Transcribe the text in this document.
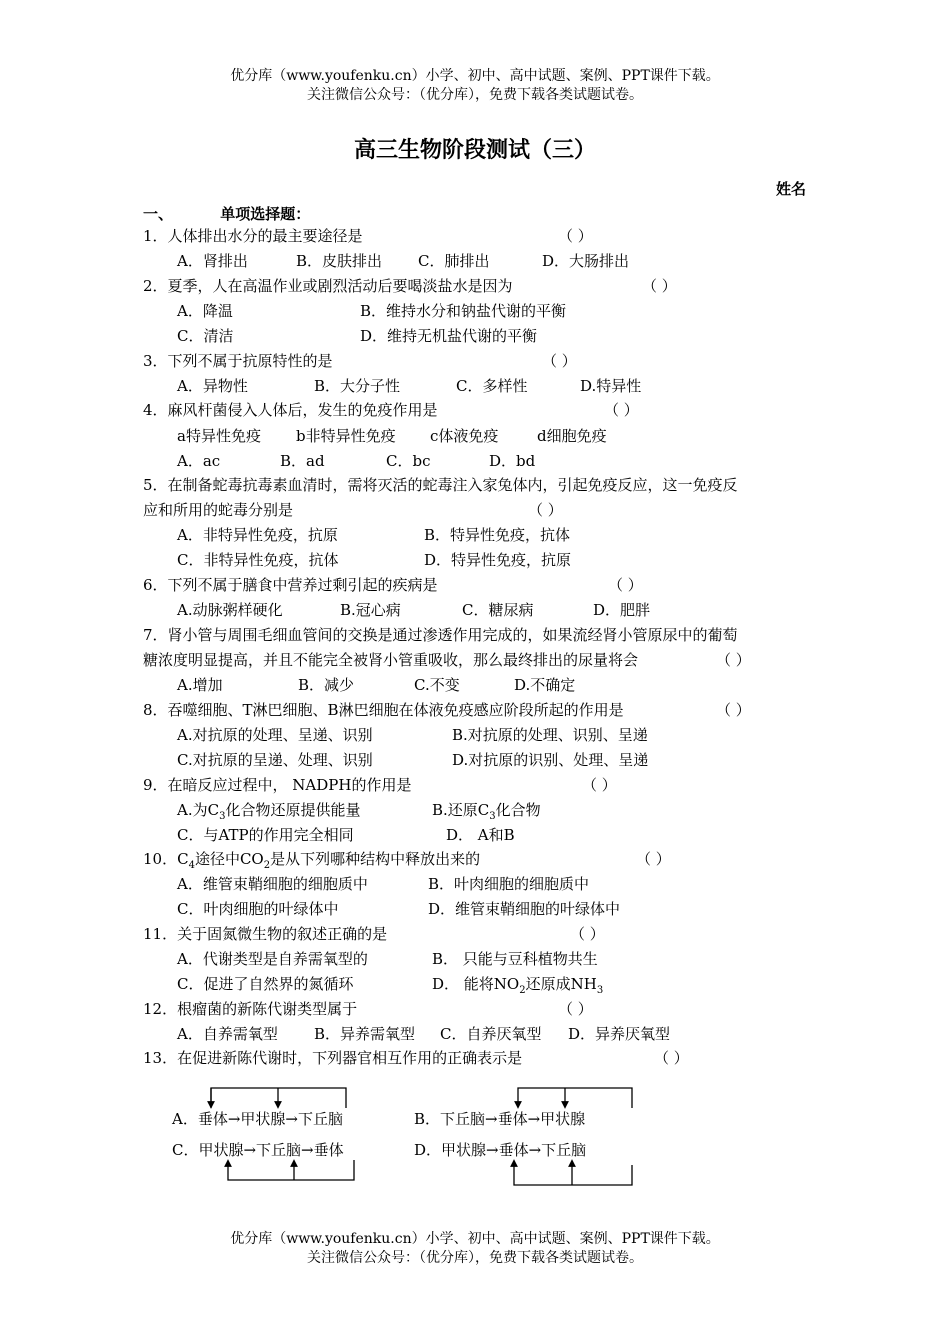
优分库（www.youfenku.cn）小学、初中、高中试题、案例、PPT课件下载。
关注微信公众号：（优分库），免费下载各类试题试卷。
高三生物阶段测试（三）
姓名
一、	单项选择题：
1．人体排出水分的最主要途径是	（ ）
A．肾排出	B．皮肤排出 C．肺排出	D．大肠排出
2．夏季，人在高温作业或剧烈活动后要喝淡盐水是因为	（ ）
A．降温	B．维持水分和钠盐代谢的平衡
C．清洁	D．维持无机盐代谢的平衡
3．下列不属于抗原特性的是	（ ）
A．异物性	B．大分子性	C．多样性	D.特异性
4．麻风杆菌侵入人体后，发生的免疫作用是	（ ）
a特异性免疫 b非特异性免疫 c体液免疫	d细胞免疫
A．ac	B．ad	C．bc	D．bd
5．在制备蛇毒抗毒素血清时，需将灭活的蛇毒注入家兔体内，引起免疫反应，这一免疫反
应和所用的蛇毒分别是	（ ）
A．非特异性免疫，抗原	B．特异性免疫，抗体
C．非特异性免疫，抗体	D．特异性免疫，抗原
6．下列不属于膳食中营养过剩引起的疾病是	（ ）
A.动脉粥样硬化	B.冠心病	C．糖尿病	D．肥胖
7．肾小管与周围毛细血管间的交换是通过渗透作用完成的，如果流经肾小管原尿中的葡萄
糖浓度明显提高，并且不能完全被肾小管重吸收，那么最终排出的尿量将会	（ ）
A.增加	B．减少	C.不变	D.不确定
8．吞噬细胞、T淋巴细胞、B淋巴细胞在体液免疫感应阶段所起的作用是	（ ）
A.对抗原的处理、呈递、识别	B.对抗原的处理、识别、呈递
C.对抗原的呈递、处理、识别	D.对抗原的识别、处理、呈递
9．在暗反应过程中， NADPH的作用是	（ ）
A.为$C_3$化合物还原提供能量	B.还原$C_3$化合物
C．与ATP的作用完全相同	D． A和B
10．$C_4$途径中$CO_2$是从下列哪种结构中释放出来的	（ ）
A．维管束鞘细胞的细胞质中	B．叶肉细胞的细胞质中
C．叶肉细胞的叶绿体中	D．维管束鞘细胞的叶绿体中
11．关于固氮微生物的叙述正确的是	（ ）
A．代谢类型是自养需氧型的	B． 只能与豆科植物共生
C．促进了自然界的氮循环	D． 能将$NO_2$还原成$NH_3$
12．根瘤菌的新陈代谢类型属于	（ ）
A．自养需氧型 B．异养需氧型 C．自养厌氧型 D．异养厌氧型
13．在促进新陈代谢时，下列器官相互作用的正确表示是	（ ）
A．垂体→甲状腺→下丘脑	B．下丘脑→垂体→甲状腺
C．甲状腺→下丘脑→垂体	D．甲状腺→垂体→下丘脑
优分库（www.youfenku.cn）小学、初中、高中试题、案例、PPT课件下载。
关注微信公众号：（优分库），免费下载各类试题试卷。
